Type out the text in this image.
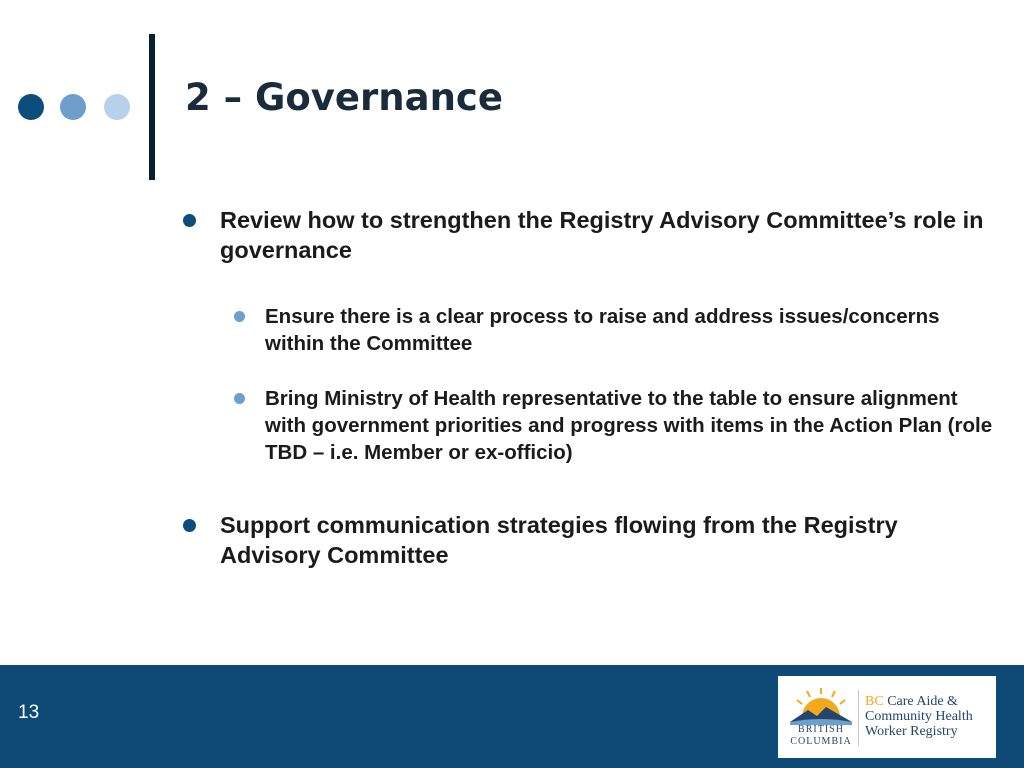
2 – Governance
Review how to strengthen the Registry Advisory Committee’s role in governance
Ensure there is a clear process to raise and address issues/concerns within the Committee
Bring Ministry of Health representative to the table to ensure alignment with government priorities and progress with items in the Action Plan (role TBD – i.e. Member or ex-officio)
Support communication strategies flowing from the Registry Advisory Committee
13
BRITISH
COLUMBIA
BC Care Aide &
Community Health
Worker Registry
